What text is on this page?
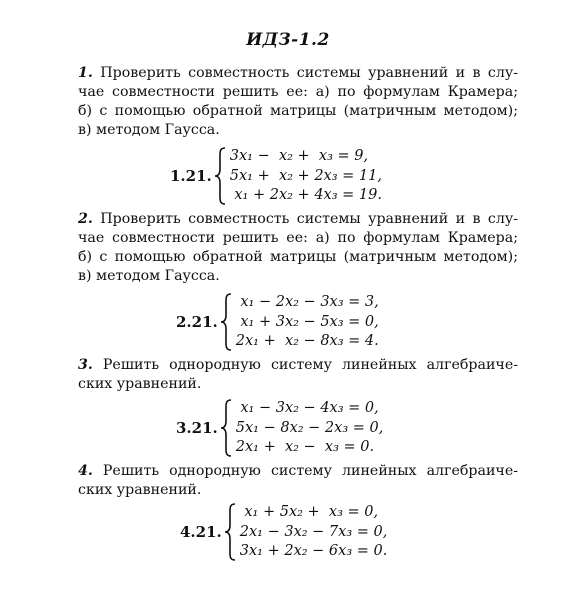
ИДЗ-1.2
1. Проверить совместность системы уравнений и в слу-
чае совместности решить ее: а) по формулам Крамера;
б) с помощью обратной матрицы (матричным методом);
в) методом Гаусса.
1.21.
3x₁ −  x₂ +  x₃ = 9,
5x₁ +  x₂ + 2x₃ = 11,
x₁ + 2x₂ + 4x₃ = 19.
2. Проверить совместность системы уравнений и в слу-
чае совместности решить ее: а) по формулам Крамера;
б) с помощью обратной матрицы (матричным методом);
в) методом Гаусса.
2.21.
x₁ − 2x₂ − 3x₃ = 3,
x₁ + 3x₂ − 5x₃ = 0,
2x₁ +  x₂ − 8x₃ = 4.
3. Решить однородную систему линейных алгебраиче-
ских уравнений.
3.21.
x₁ − 3x₂ − 4x₃ = 0,
5x₁ − 8x₂ − 2x₃ = 0,
2x₁ +  x₂ −  x₃ = 0.
4. Решить однородную систему линейных алгебраиче-
ских уравнений.
4.21.
x₁ + 5x₂ +  x₃ = 0,
2x₁ − 3x₂ − 7x₃ = 0,
3x₁ + 2x₂ − 6x₃ = 0.
